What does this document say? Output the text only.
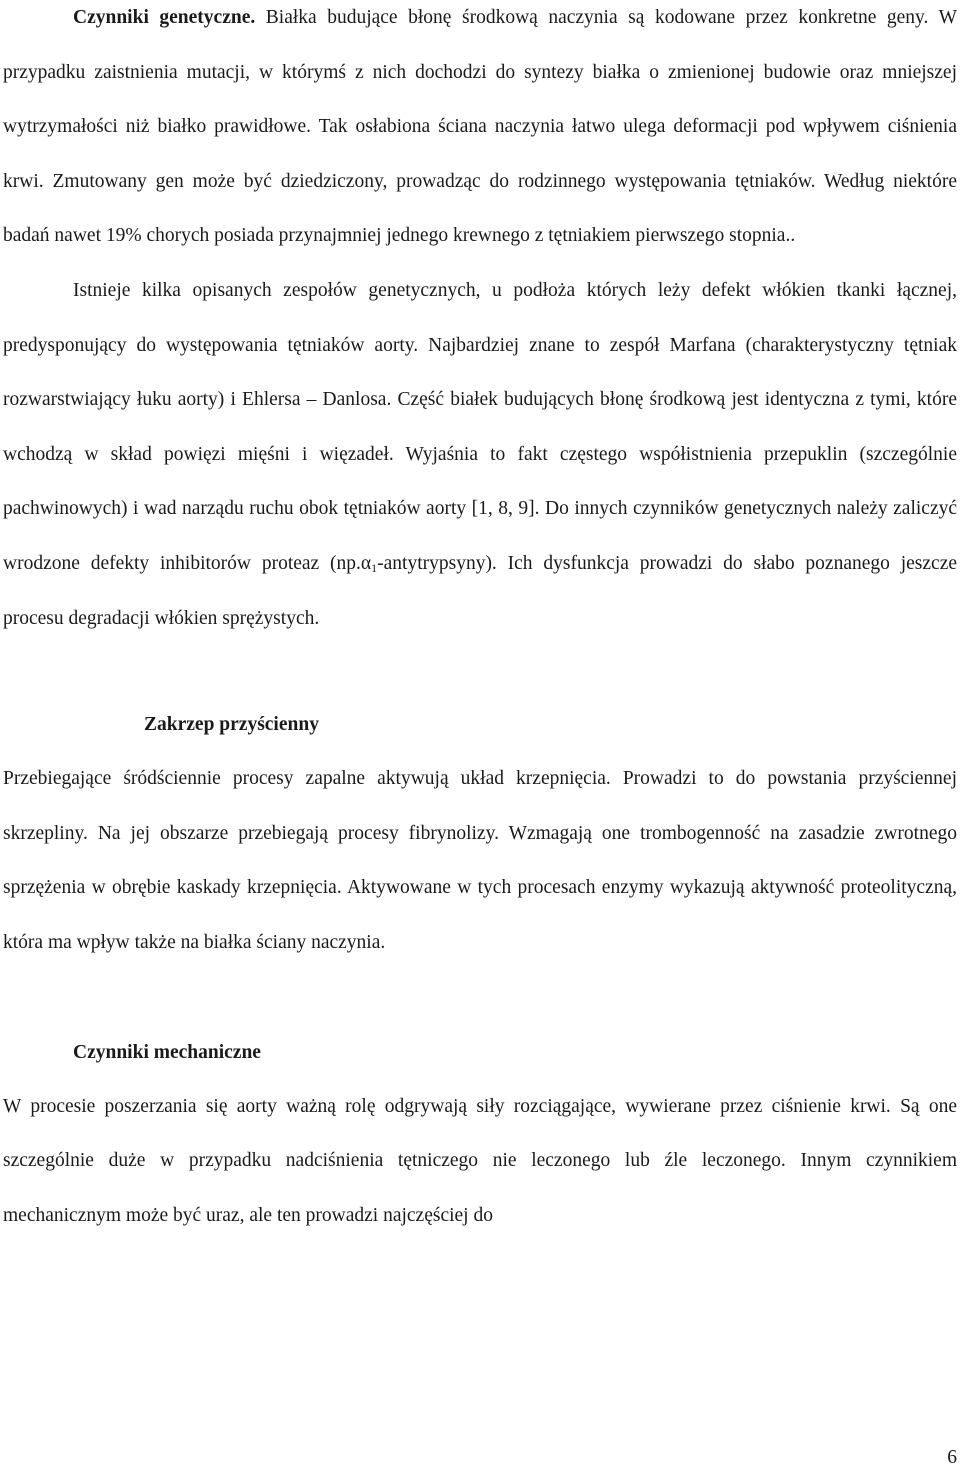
Czynniki genetyczne. Białka budujące błonę środkową naczynia są kodowane przez konkretne geny. W przypadku zaistnienia mutacji, w którymś z nich dochodzi do syntezy białka o zmienionej budowie oraz mniejszej wytrzymałości niż białko prawidłowe. Tak osłabiona ściana naczynia łatwo ulega deformacji pod wpływem ciśnienia krwi. Zmutowany gen może być dziedziczony, prowadząc do rodzinnego występowania tętniaków. Według niektóre badań nawet 19% chorych posiada przynajmniej jednego krewnego z tętniakiem pierwszego stopnia..

Istnieje kilka opisanych zespołów genetycznych, u podłoża których leży defekt włókien tkanki łącznej, predysponujący do występowania tętniaków aorty. Najbardziej znane to zespół Marfana (charakterystyczny tętniak rozwarstwiający łuku aorty) i Ehlersa – Danlosa. Część białek budujących błonę środkową jest identyczna z tymi, które wchodzą w skład powięzi mięśni i więzadeł. Wyjaśnia to fakt częstego współistnienia przepuklin (szczególnie pachwinowych) i wad narządu ruchu obok tętniaków aorty [1, 8, 9]. Do innych czynników genetycznych należy zaliczyć wrodzone defekty inhibitorów proteaz $(np.\alpha_1-antytrypsyny)$. Ich dysfunkcja prowadzi do słabo poznanego jeszcze procesu degradacji włókien sprężystych.

Zakrzep przyścienny

Przebiegające śródściennie procesy zapalne aktywują układ krzepnięcia. Prowadzi to do powstania przyściennej skrzepliny. Na jej obszarze przebiegają procesy fibrynolizy. Wzmagają one trombogenność na zasadzie zwrotnego sprzężenia w obrębie kaskady krzepnięcia. Aktywowane w tych procesach enzymy wykazują aktywność proteolityczną, która ma wpływ także na białka ściany naczynia.

Czynniki mechaniczne

W procesie poszerzania się aorty ważną rolę odgrywają siły rozciągające, wywierane przez ciśnienie krwi. Są one szczególnie duże w przypadku nadciśnienia tętniczego nie leczonego lub źle leczonego. Innym czynnikiem mechanicznym może być uraz, ale ten prowadzi najczęściej do

6
